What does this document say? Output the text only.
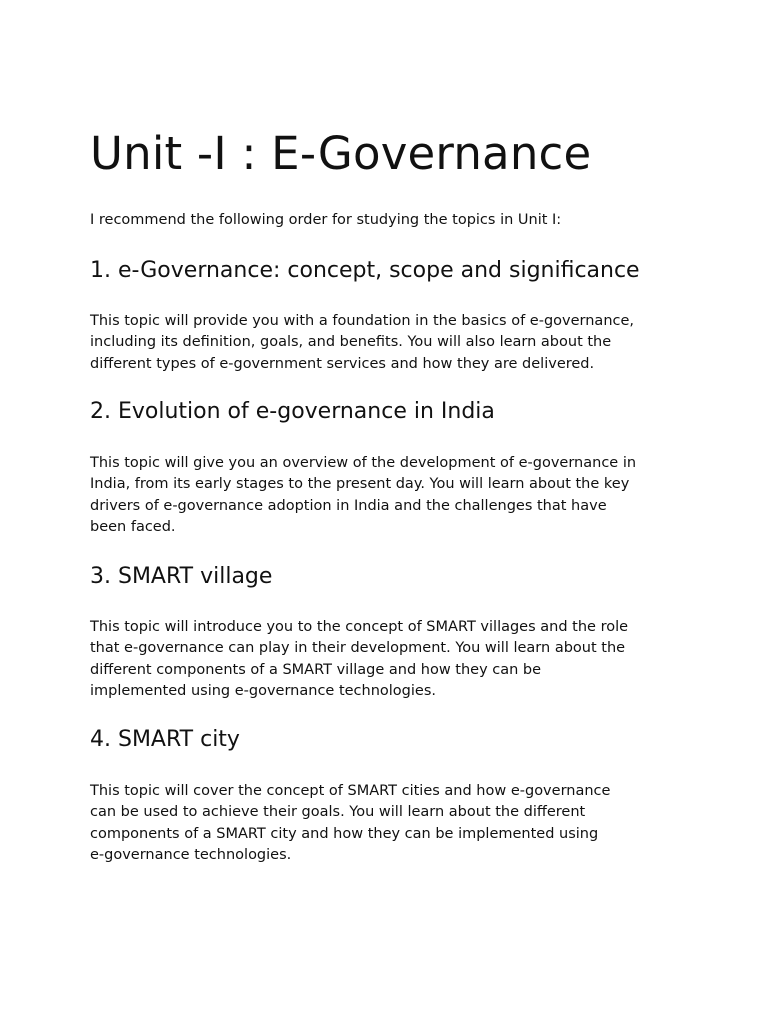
Unit -I : E-Governance

I recommend the following order for studying the topics in Unit I:

1. e-Governance: concept, scope and significance

This topic will provide you with a foundation in the basics of e-governance,
including its definition, goals, and benefits. You will also learn about the
different types of e-government services and how they are delivered.

2. Evolution of e-governance in India

This topic will give you an overview of the development of e-governance in
India, from its early stages to the present day. You will learn about the key
drivers of e-governance adoption in India and the challenges that have
been faced.

3. SMART village

This topic will introduce you to the concept of SMART villages and the role
that e-governance can play in their development. You will learn about the
different components of a SMART village and how they can be
implemented using e-governance technologies.

4. SMART city

This topic will cover the concept of SMART cities and how e-governance
can be used to achieve their goals. You will learn about the different
components of a SMART city and how they can be implemented using
e-governance technologies.
